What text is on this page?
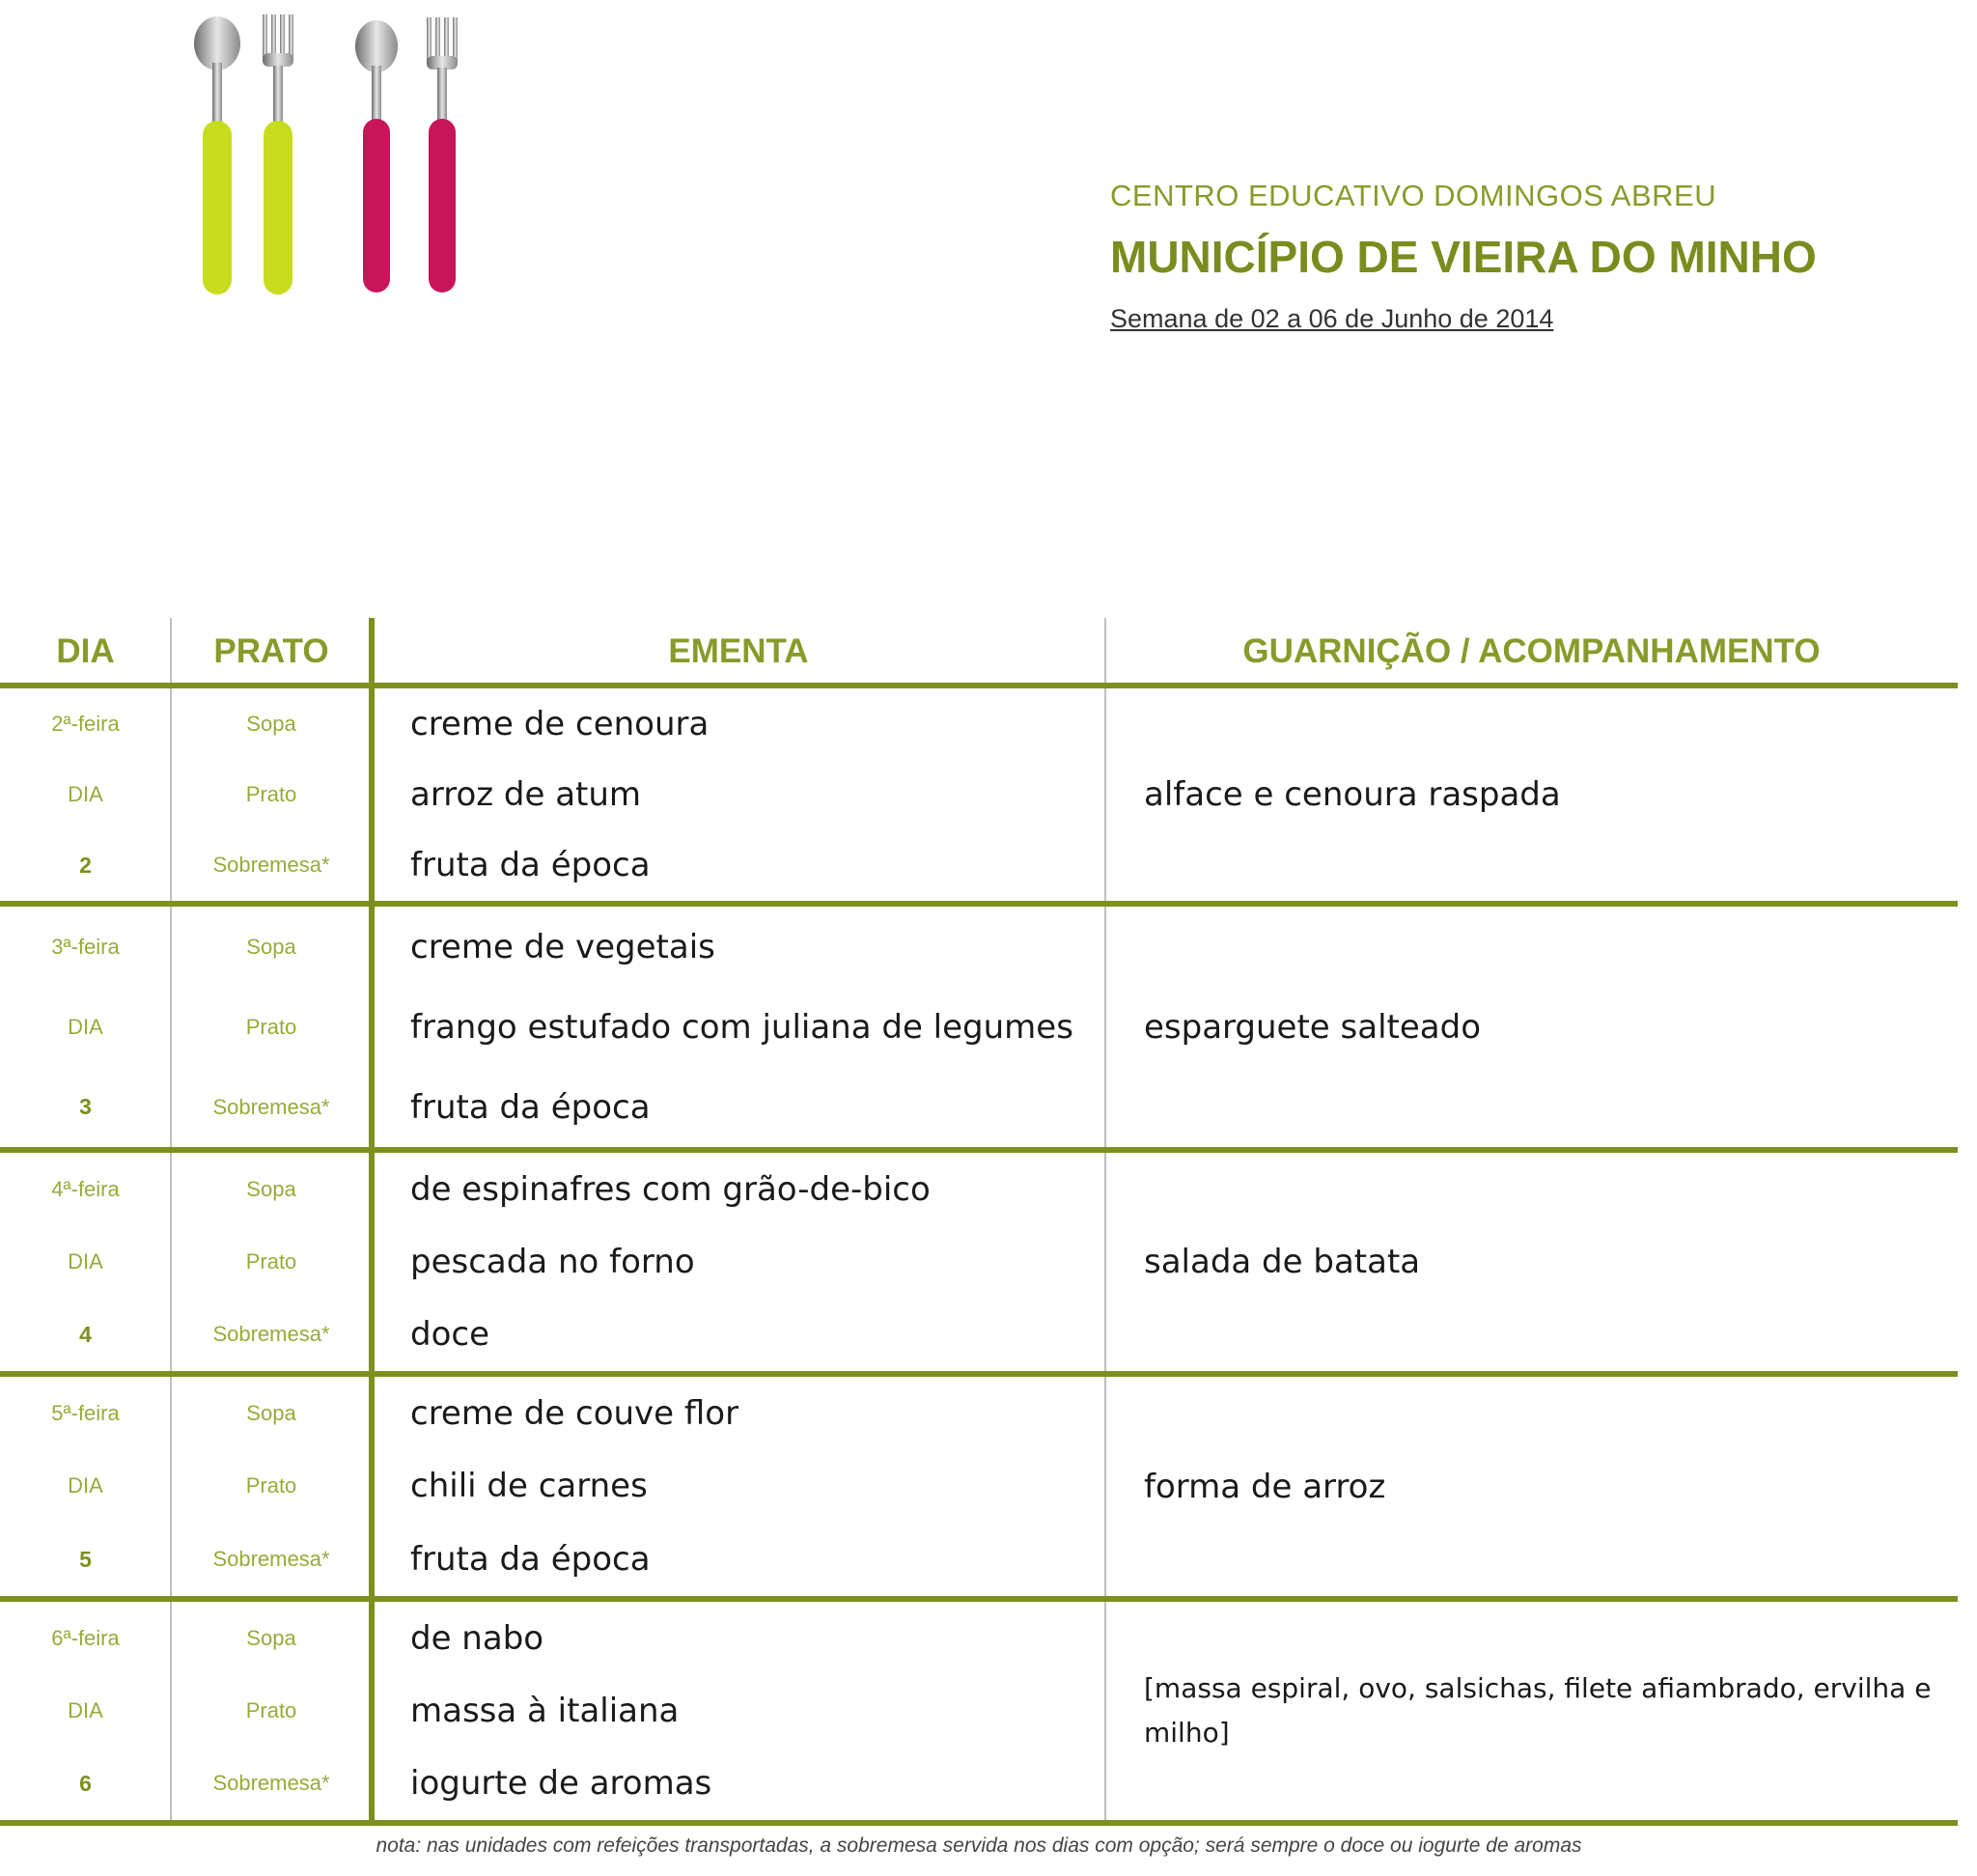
CENTRO EDUCATIVO DOMINGOS ABREU
MUNICÍPIO DE VIEIRA DO MINHO
Semana de 02 a 06 de Junho de 2014
DIA	PRATO	EMENTA	GUARNIÇÃO / ACOMPANHAMENTO
2ª-feira	Sopa	creme de cenoura
DIA	Prato	arroz de atum
2	Sobremesa*	fruta da época
alface e cenoura raspada
3ª-feira	Sopa	creme de vegetais
DIA	Prato	frango estufado com juliana de legumes
3	Sobremesa*	fruta da época
esparguete salteado
4ª-feira	Sopa	de espinafres com grão-de-bico
DIA	Prato	pescada no forno
4	Sobremesa*	doce
salada de batata
5ª-feira	Sopa	creme de couve flor
DIA	Prato	chili de carnes
5	Sobremesa*	fruta da época
forma de arroz
6ª-feira	Sopa	de nabo
DIA	Prato	massa à italiana
6	Sobremesa*	iogurte de aromas
[massa espiral, ovo, salsichas, filete afiambrado, ervilha e milho]
nota: nas unidades com refeições transportadas, a sobremesa servida nos dias com opção; será sempre o doce ou iogurte de aromas
